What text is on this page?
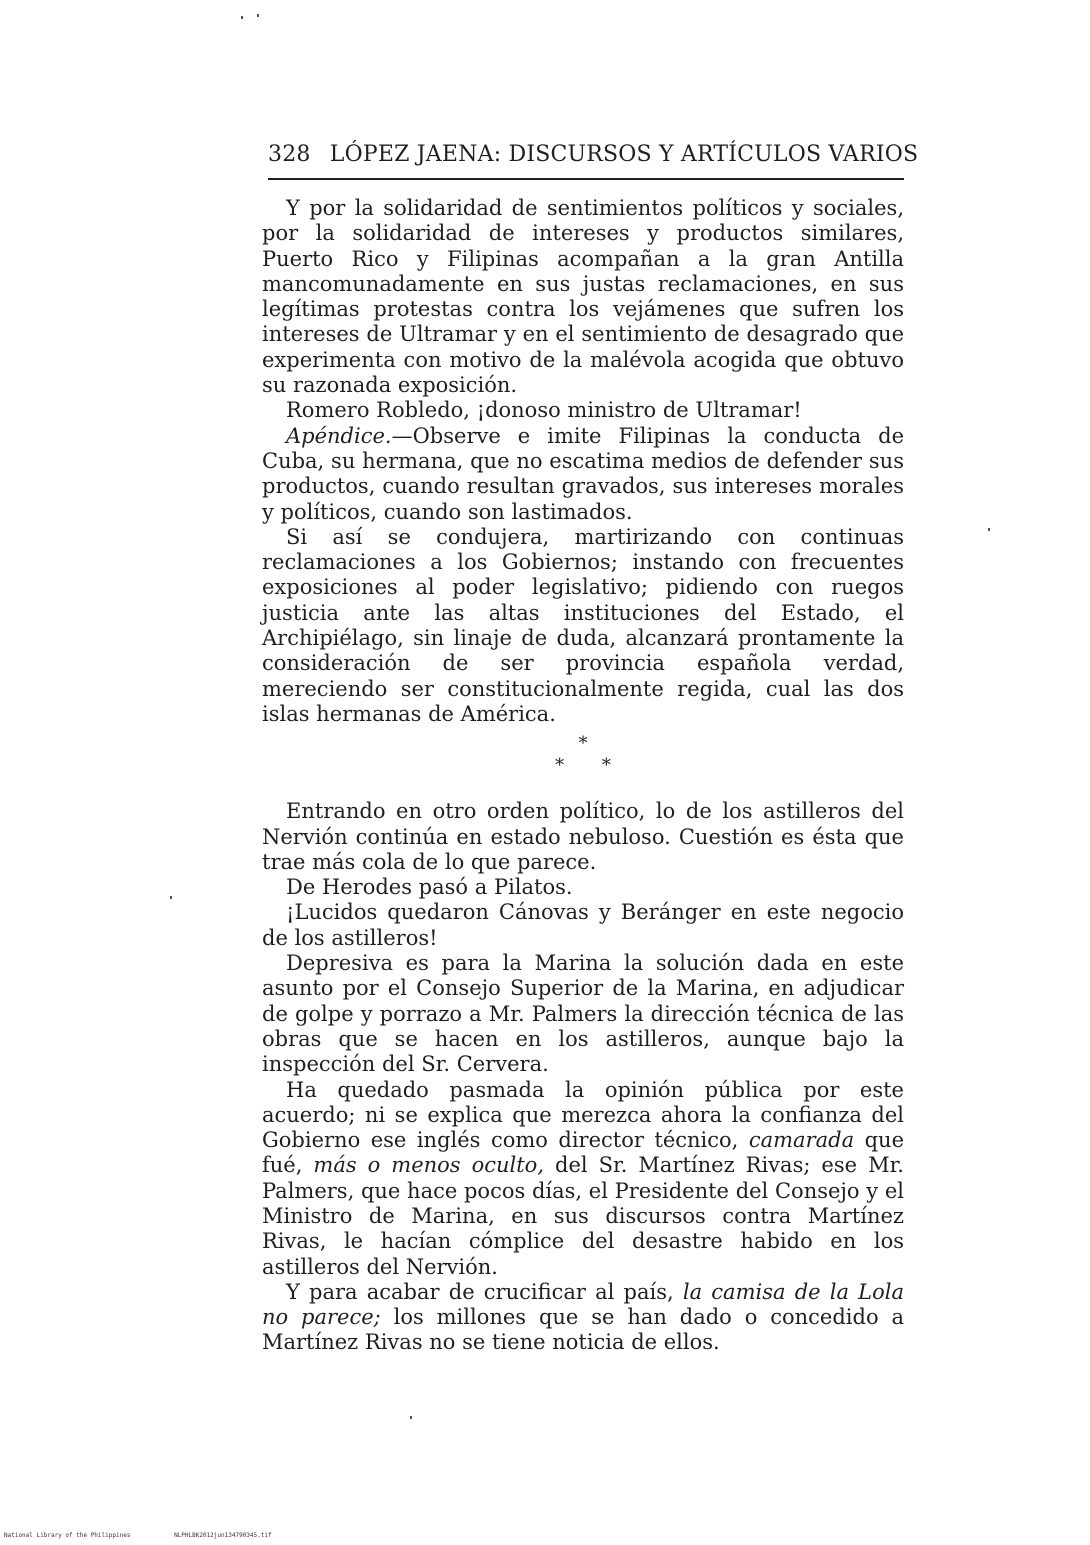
328 LÓPEZ JAENA: DISCURSOS Y ARTÍCULOS VARIOS

Y por la solidaridad de sentimientos políticos y sociales, por la solidaridad de intereses y productos similares, Puerto Rico y Filipinas acompañan a la gran Antilla mancomunadamente en sus justas reclamaciones, en sus legítimas protestas contra los vejámenes que sufren los intereses de Ultramar y en el sentimiento de desagrado que experimenta con motivo de la malévola acogida que obtuvo su razonada exposición.

Romero Robledo, ¡donoso ministro de Ultramar!

Apéndice.—Observe e imite Filipinas la conducta de Cuba, su hermana, que no escatima medios de defender sus productos, cuando resultan gravados, sus intereses morales y políticos, cuando son lastimados.

Si así se condujera, martirizando con continuas reclamaciones a los Gobiernos; instando con frecuentes exposiciones al poder legislativo; pidiendo con ruegos justicia ante las altas instituciones del Estado, el Archipiélago, sin linaje de duda, alcanzará prontamente la consideración de ser provincia española verdad, mereciendo ser constitucionalmente regida, cual las dos islas hermanas de América.

*
* *

Entrando en otro orden político, lo de los astilleros del Nervión continúa en estado nebuloso. Cuestión es ésta que trae más cola de lo que parece.

De Herodes pasó a Pilatos.

¡Lucidos quedaron Cánovas y Beránger en este negocio de los astilleros!

Depresiva es para la Marina la solución dada en este asunto por el Consejo Superior de la Marina, en adjudicar de golpe y porrazo a Mr. Palmers la dirección técnica de las obras que se hacen en los astilleros, aunque bajo la inspección del Sr. Cervera.

Ha quedado pasmada la opinión pública por este acuerdo; ni se explica que merezca ahora la confianza del Gobierno ese inglés como director técnico, camarada que fué, más o menos oculto, del Sr. Martínez Rivas; ese Mr. Palmers, que hace pocos días, el Presidente del Consejo y el Ministro de Marina, en sus discursos contra Martínez Rivas, le hacían cómplice del desastre habido en los astilleros del Nervión.

Y para acabar de crucificar al país, la camisa de la Lola no parece; los millones que se han dado o concedido a Martínez Rivas no se tiene noticia de ellos.

National Library of the Philippines	NLPHLBK2012jun134790345.tif
